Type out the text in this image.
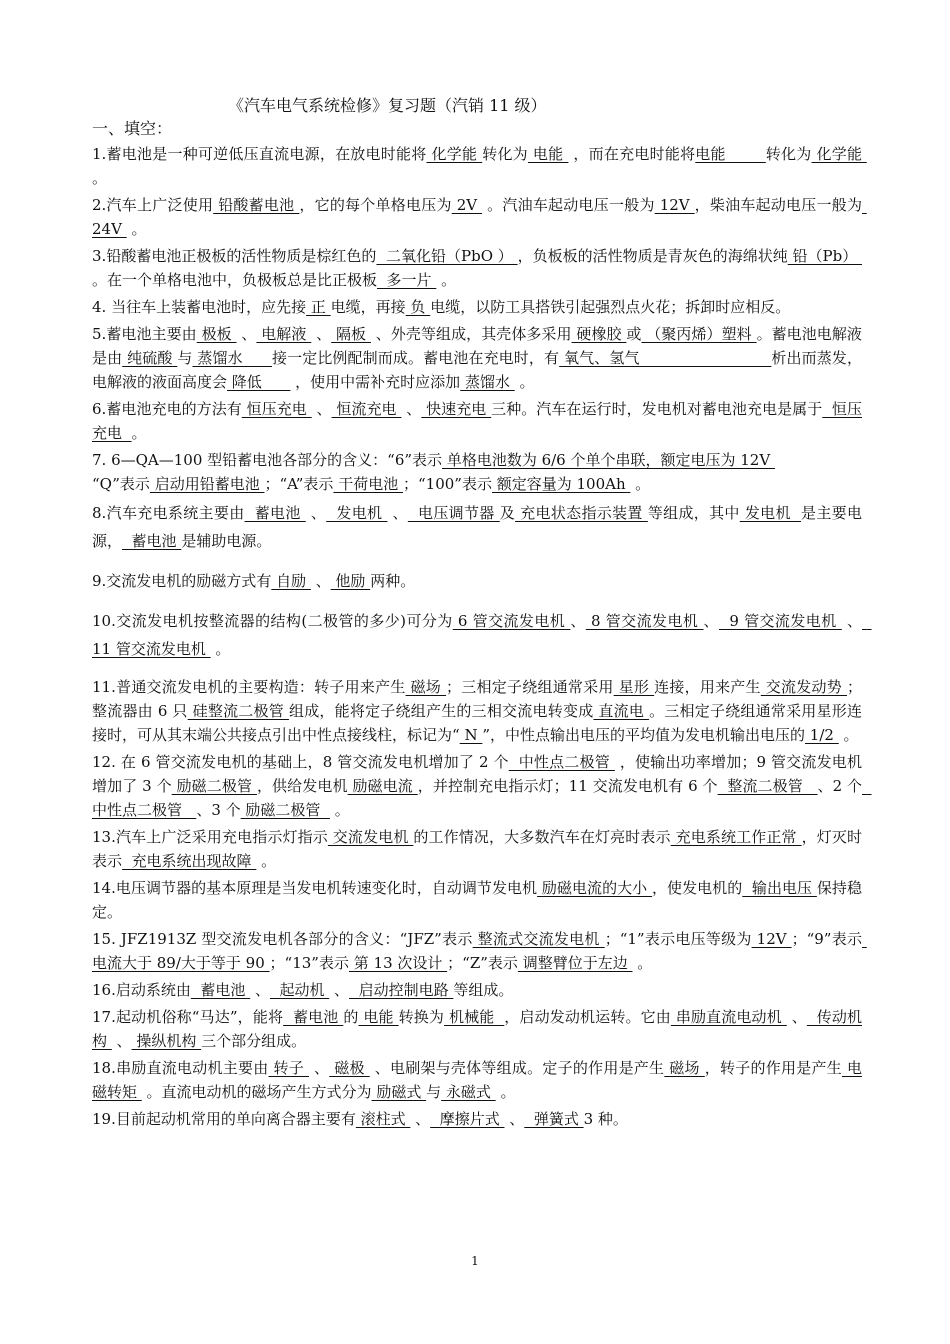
《汽车电气系统检修》复习题（汽销 11 级）
一、填空：

1.蓄电池是一种可逆低压直流电源，在放电时能将 化学能 转化为 电能  ，而在充电时能将电能        转化为 化学能 。

2.汽车上广泛使用 铅酸蓄电池 ，它的每个单格电压为 2V  。汽油车起动电压一般为 12V ，柴油车起动电压一般为 24V  。

3.铅酸蓄电池正极板的活性物质是棕红色的  二氧化铅（PbO ） ，负板板的活性物质是青灰色的海绵状纯 铅（Pb）  。在一个单格电池中，负极板总是比正极板  多一片  。

4. 当往车上装蓄电池时，应先接 正 电缆，再接 负 电缆，以防工具搭铁引起强烈点火花；拆卸时应相反。

5.蓄电池主要由 极板  、 电解液  、 隔板  、外壳等组成，其壳体多采用 硬橡胶 或 （聚丙烯）塑料 。蓄电池电解液是由 纯硫酸 与 蒸馏水      接一定比例配制而成。蓄电池在充电时，有 氧气、氢气                           析出而蒸发，电解液的液面高度会 降低       ，使用中需补充时应添加 蒸馏水  。

6.蓄电池充电的方法有 恒压充电  、 恒流充电  、 快速充电 三种。汽车在运行时，发电机对蓄电池充电是属于  恒压充电  。

7. 6—QA—100 型铅蓄电池各部分的含义：“6”表示 单格电池数为 6/6 个单个串联，额定电压为 12V
“Q”表示 启动用铅蓄电池 ；“A”表示 干荷电池 ；“100”表示 额定容量为 100Ah  。

8.汽车充电系统主要由  蓄电池  、  发电机  、  电压调节器 及 充电状态指示装置 等组成，其中 发电机  是主要电源，  蓄电池 是辅助电源。

9.交流发电机的励磁方式有 自励  、 他励 两种。

10.交流发电机按整流器的结构(二极管的多少)可分为 6 管交流发电机 、 8 管交流发电机 、  9 管交流发电机  、  11 管交流发电机  。

11.普通交流发电机的主要构造：转子用来产生 磁场 ；三相定子绕组通常采用 星形 连接，用来产生 交流发动势 ；整流器由 6 只 硅整流二极管 组成，能将定子绕组产生的三相交流电转变成 直流电 。三相定子绕组通常采用星形连接时，可从其末端公共接点引出中性点接线柱，标记为“ N ”，中性点输出电压的平均值为发电机输出电压的 1/2  。

12. 在 6 管交流发电机的基础上，8 管交流发电机增加了 2 个  中性点二极管  ，使输出功率增加；9 管交流发电机增加了 3 个 励磁二极管 ，供给发电机 励磁电流 ，并控制充电指示灯；11 交流发电机有 6 个  整流二极管   、2 个  中性点二极管   、3 个 励磁二极管   。

13.汽车上广泛采用充电指示灯指示 交流发电机 的工作情况，大多数汽车在灯亮时表示 充电系统工作正常 ，灯灭时表示  充电系统出现故障  。

14.电压调节器的基本原理是当发电机转速变化时，自动调节发电机 励磁电流的大小 ，使发电机的  输出电压 保持稳定。

15. JFZ1913Z 型交流发电机各部分的含义：“JFZ”表示 整流式交流发电机 ；“1”表示电压等级为 12V ；“9”表示 电流大于 89/大于等于 90 ；“13”表示 第 13 次设计 ；“Z”表示 调整臂位于左边  。

16.启动系统由  蓄电池  、  起动机  、  启动控制电路 等组成。

17.起动机俗称“马达”，能将  蓄电池 的 电能 转换为 机械能  ，启动发动机运转。它由 串励直流电动机  、  传动机构  、 操纵机构 三个部分组成。

18.串励直流电动机主要由 转子  、 磁极  、电刷架与壳体等组成。定子的作用是产生 磁场 ，转子的作用是产生 电磁转矩  。直流电动机的磁场产生方式分为 励磁式 与 永磁式  。

19.目前起动机常用的单向离合器主要有 滚柱式  、  摩擦片式  、  弹簧式 3 种。

1
